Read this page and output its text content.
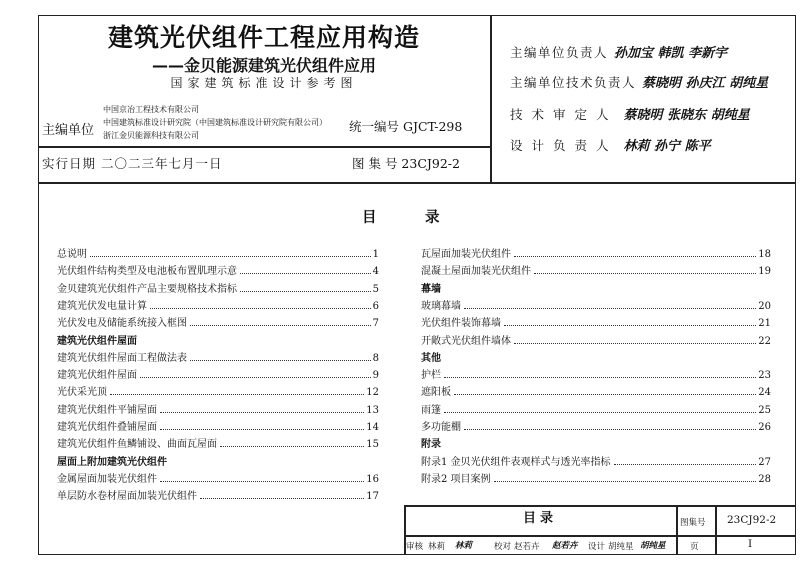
建筑光伏组件工程应用构造
——金贝能源建筑光伏组件应用
国家建筑标准设计参考图
主编单位
中国京冶工程技术有限公司
中国建筑标准设计研究院（中国建筑标准设计研究院有限公司）
浙江金贝能源科技有限公司
统一编号 GJCT-298
实行日期 二〇二三年七月一日	图 集 号 23CJ92-2
主编单位负责人 孙加宝 韩凯 李新宇
主编单位技术负责人 蔡晓明 孙庆江 胡纯星
技术审定人 蔡晓明 张晓东 胡纯星
设计负责人 林莉 孙宁 陈平
目	录
总说明	1
光伏组件结构类型及电池板布置肌理示意	4
金贝建筑光伏组件产品主要规格技术指标	5
建筑光伏发电量计算	6
光伏发电及储能系统接入框图	7
建筑光伏组件屋面
建筑光伏组件屋面工程做法表	8
建筑光伏组件屋面	9
光伏采光顶	12
建筑光伏组件平铺屋面	13
建筑光伏组件叠铺屋面	14
建筑光伏组件鱼鳞铺设、曲面瓦屋面	15
屋面上附加建筑光伏组件
金属屋面加装光伏组件	16
单层防水卷材屋面加装光伏组件	17
瓦屋面加装光伏组件	18
混凝土屋面加装光伏组件	19
幕墙
玻璃幕墙	20
光伏组件装饰幕墙	21
开敞式光伏组件墙体	22
其他
护栏	23
遮阳板	24
雨篷	25
多功能棚	26
附录
附录1 金贝光伏组件表观样式与透光率指标	27
附录2 项目案例	28
目录	图集号 23CJ92-2
审核 林莉 林莉	校对 赵若卉 赵若卉 设计 胡纯星 胡纯星	页	I
